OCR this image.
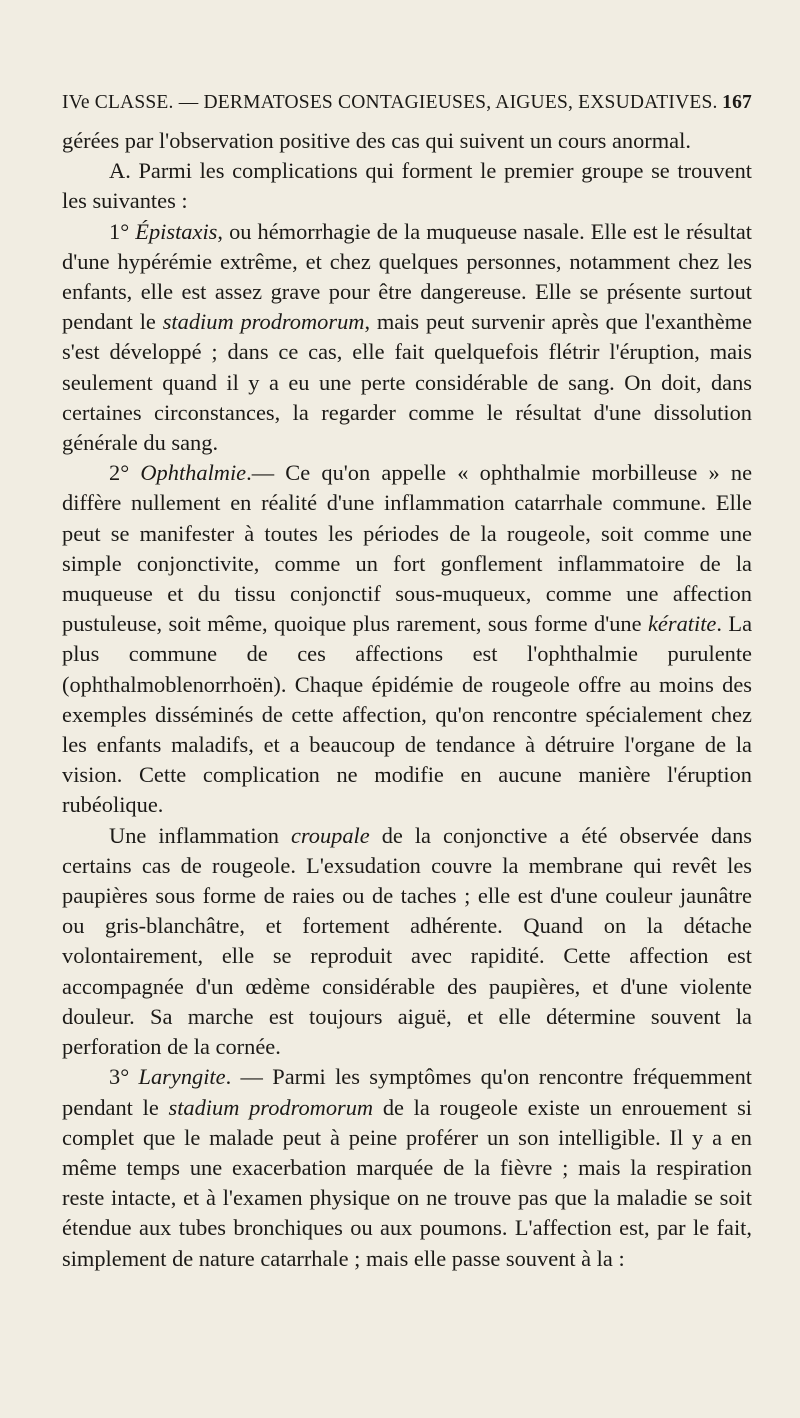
IVe CLASSE. — DERMATOSES CONTAGIEUSES, AIGUES, EXSUDATIVES. 167

gérées par l'observation positive des cas qui suivent un cours anormal.

A. Parmi les complications qui forment le premier groupe se trouvent les suivantes :

1° Épistaxis, ou hémorrhagie de la muqueuse nasale. Elle est le résultat d'une hypérémie extrême, et chez quelques personnes, notamment chez les enfants, elle est assez grave pour être dangereuse. Elle se présente surtout pendant le stadium prodromorum, mais peut survenir après que l'exanthème s'est développé ; dans ce cas, elle fait quelquefois flétrir l'éruption, mais seulement quand il y a eu une perte considérable de sang. On doit, dans certaines circonstances, la regarder comme le résultat d'une dissolution générale du sang.

2° Ophthalmie.— Ce qu'on appelle « ophthalmie morbilleuse » ne diffère nullement en réalité d'une inflammation catarrhale commune. Elle peut se manifester à toutes les périodes de la rougeole, soit comme une simple conjonctivite, comme un fort gonflement inflammatoire de la muqueuse et du tissu conjonctif sous-muqueux, comme une affection pustuleuse, soit même, quoique plus rarement, sous forme d'une kératite. La plus commune de ces affections est l'ophthalmie purulente (ophthalmoblenorrhoën). Chaque épidémie de rougeole offre au moins des exemples disséminés de cette affection, qu'on rencontre spécialement chez les enfants maladifs, et a beaucoup de tendance à détruire l'organe de la vision. Cette complication ne modifie en aucune manière l'éruption rubéolique.

Une inflammation croupale de la conjonctive a été observée dans certains cas de rougeole. L'exsudation couvre la membrane qui revêt les paupières sous forme de raies ou de taches ; elle est d'une couleur jaunâtre ou gris-blanchâtre, et fortement adhérente. Quand on la détache volontairement, elle se reproduit avec rapidité. Cette affection est accompagnée d'un œdème considérable des paupières, et d'une violente douleur. Sa marche est toujours aiguë, et elle détermine souvent la perforation de la cornée.

3° Laryngite. — Parmi les symptômes qu'on rencontre fréquemment pendant le stadium prodromorum de la rougeole existe un enrouement si complet que le malade peut à peine proférer un son intelligible. Il y a en même temps une exacerbation marquée de la fièvre ; mais la respiration reste intacte, et à l'examen physique on ne trouve pas que la maladie se soit étendue aux tubes bronchiques ou aux poumons. L'affection est, par le fait, simplement de nature catarrhale ; mais elle passe souvent à la :
